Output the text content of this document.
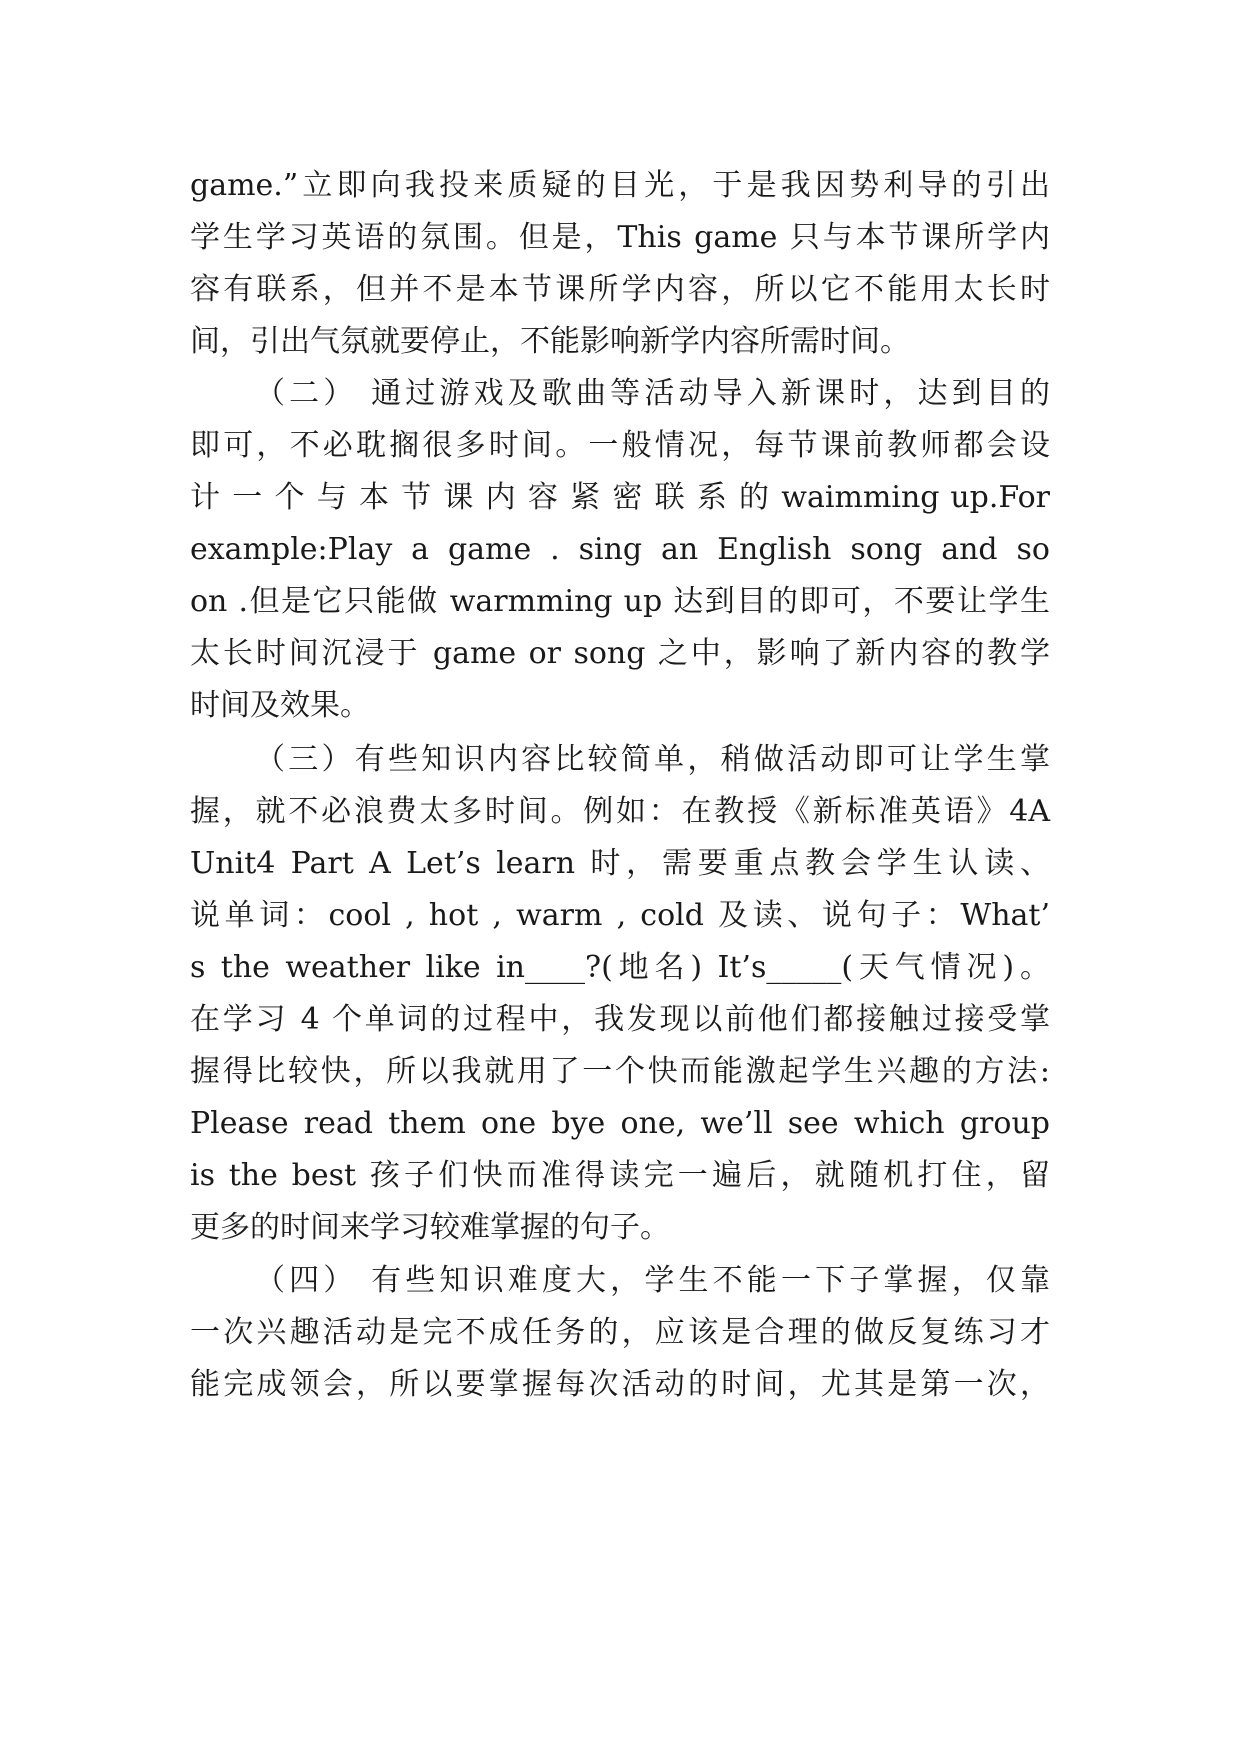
game.”立即向我投来质疑的目光，于是我因势利导的引出
学生学习英语的氛围。但是，This game 只与本节课所学内
容有联系，但并不是本节课所学内容，所以它不能用太长时
间，引出气氛就要停止，不能影响新学内容所需时间。
（二） 通过游戏及歌曲等活动导入新课时，达到目的
即可，不必耽搁很多时间。一般情况，每节课前教师都会设
计 一 个 与 本 节 课 内 容 紧 密 联 系 的 waimming up.For
example:Play a game . sing an English song and so
on .但是它只能做 warmming up 达到目的即可，不要让学生
太长时间沉浸于 game or song 之中，影响了新内容的教学
时间及效果。
（三）有些知识内容比较简单，稍做活动即可让学生掌
握，就不必浪费太多时间。例如：在教授《新标准英语》4A
Unit4 Part A Let’s learn 时，需要重点教会学生认读、
说单词：cool , hot , warm , cold 及读、说句子：What’
s the weather like in____?(地名) It’s_____(天气情况)。
在学习 4 个单词的过程中，我发现以前他们都接触过接受掌
握得比较快，所以我就用了一个快而能激起学生兴趣的方法:
Please read them one bye one, we’ll see which group
is the best 孩子们快而准得读完一遍后，就随机打住，留
更多的时间来学习较难掌握的句子。
（四） 有些知识难度大，学生不能一下子掌握，仅靠
一次兴趣活动是完不成任务的，应该是合理的做反复练习才
能完成领会，所以要掌握每次活动的时间，尤其是第一次，
